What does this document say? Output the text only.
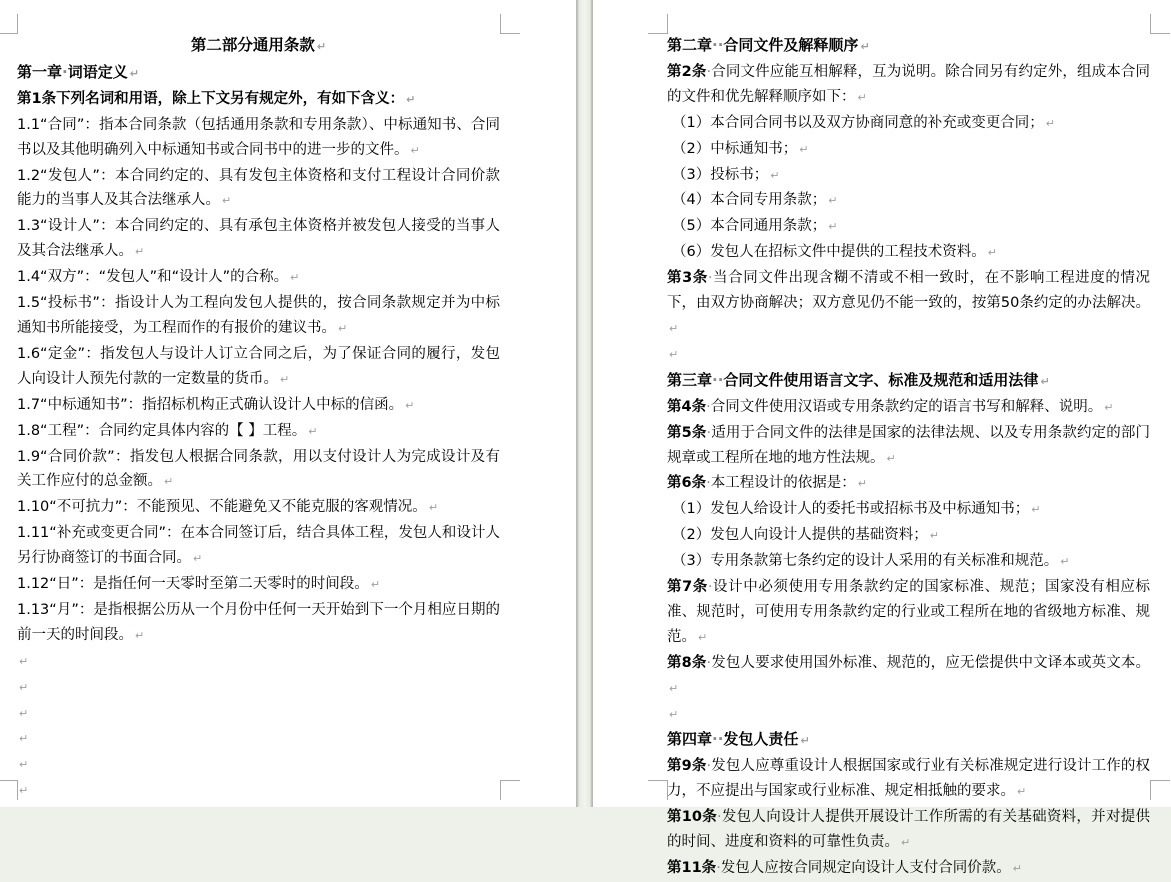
第二部分通用条款 ↵
第一章·词语定义 ↵
第1条下列名词和用语，除上下文另有规定外，有如下含义： ↵
1.1“合同”：指本合同条款（包括通用条款和专用条款）、中标通知书、合同书以及其他明确列入中标通知书或合同书中的进一步的文件。 ↵
1.2“发包人”：本合同约定的、具有发包主体资格和支付工程设计合同价款能力的当事人及其合法继承人。 ↵
1.3“设计人”：本合同约定的、具有承包主体资格并被发包人接受的当事人及其合法继承人。 ↵
1.4“双方”：“发包人”和“设计人”的合称。 ↵
1.5“投标书”：指设计人为工程向发包人提供的，按合同条款规定并为中标通知书所能接受，为工程而作的有报价的建议书。 ↵
1.6“定金”：指发包人与设计人订立合同之后，为了保证合同的履行，发包人向设计人预先付款的一定数量的货币。 ↵
1.7“中标通知书”：指招标机构正式确认设计人中标的信函。 ↵
1.8“工程”：合同约定具体内容的【 】工程。 ↵
1.9“合同价款”：指发包人根据合同条款，用以支付设计人为完成设计及有关工作应付的总金额。 ↵
1.10“不可抗力”：不能预见、不能避免又不能克服的客观情况。 ↵
1.11“补充或变更合同”：在本合同签订后，结合具体工程，发包人和设计人另行协商签订的书面合同。 ↵
1.12“日”：是指任何一天零时至第二天零时的时间段。 ↵
1.13“月”：是指根据公历从一个月份中任何一天开始到下一个月相应日期的前一天的时间段。 ↵
↵
↵
↵
↵
↵
↵
第二章··合同文件及解释顺序 ↵
第2条·合同文件应能互相解释，互为说明。除合同另有约定外，组成本合同的文件和优先解释顺序如下： ↵
（1）本合同合同书以及双方协商同意的补充或变更合同； ↵
（2）中标通知书； ↵
（3）投标书； ↵
（4）本合同专用条款； ↵
（5）本合同通用条款； ↵
（6）发包人在招标文件中提供的工程技术资料。 ↵
第3条·当合同文件出现含糊不清或不相一致时，在不影响工程进度的情况下，由双方协商解决；双方意见仍不能一致的，按第50条约定的办法解决。↵
↵
第三章··合同文件使用语言文字、标准及规范和适用法律 ↵
第4条·合同文件使用汉语或专用条款约定的语言书写和解释、说明。 ↵
第5条·适用于合同文件的法律是国家的法律法规、以及专用条款约定的部门规章或工程所在地的地方性法规。 ↵
第6条·本工程设计的依据是： ↵
（1）发包人给设计人的委托书或招标书及中标通知书； ↵
（2）发包人向设计人提供的基础资料； ↵
（3）专用条款第七条约定的设计人采用的有关标准和规范。 ↵
第7条·设计中必须使用专用条款约定的国家标准、规范；国家没有相应标准、规范时，可使用专用条款约定的行业或工程所在地的省级地方标准、规范。 ↵
第8条·发包人要求使用国外标准、规范的，应无偿提供中文译本或英文本。↵
↵
第四章··发包人责任 ↵
第9条·发包人应尊重设计人根据国家或行业有关标准规定进行设计工作的权力，不应提出与国家或行业标准、规定相抵触的要求。 ↵
第10条·发包人向设计人提供开展设计工作所需的有关基础资料，并对提供的时间、进度和资料的可靠性负责。 ↵
第11条·发包人应按合同规定向设计人支付合同价款。 ↵
